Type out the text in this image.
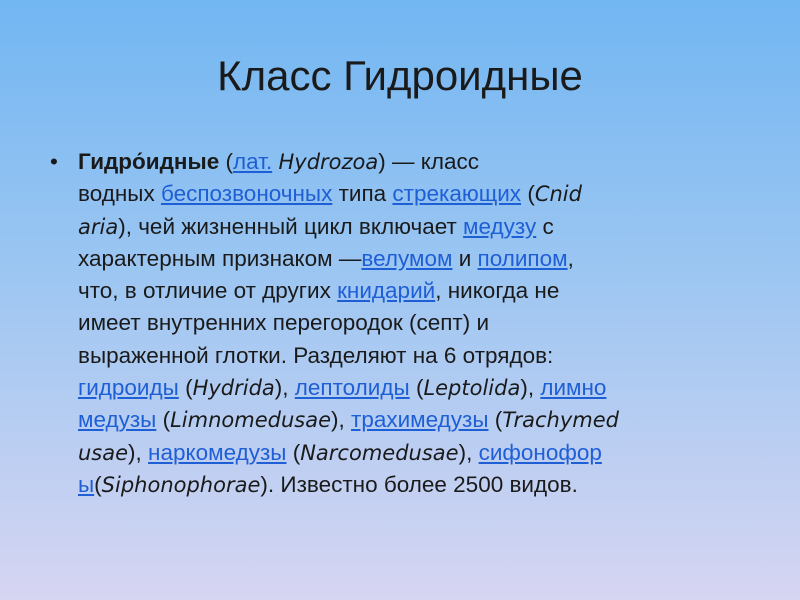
Класс Гидроидные
• Гидро́идные (лат. Hydrozoa) — класс
водных беспозвоночных типа стрекающих (Cnid
aria), чей жизненный цикл включает медузу с
характерным признаком —велумом и полипом,
что, в отличие от других книдарий, никогда не
имеет внутренних перегородок (септ) и
выраженной глотки. Разделяют на 6 отрядов:
гидроиды (Hydrida), лептолиды (Leptolida), лимно
медузы (Limnomedusae), трахимедузы (Trachymed
usae), наркомедузы (Narcomedusae), сифонофор
ы(Siphonophorae). Известно более 2500 видов.
